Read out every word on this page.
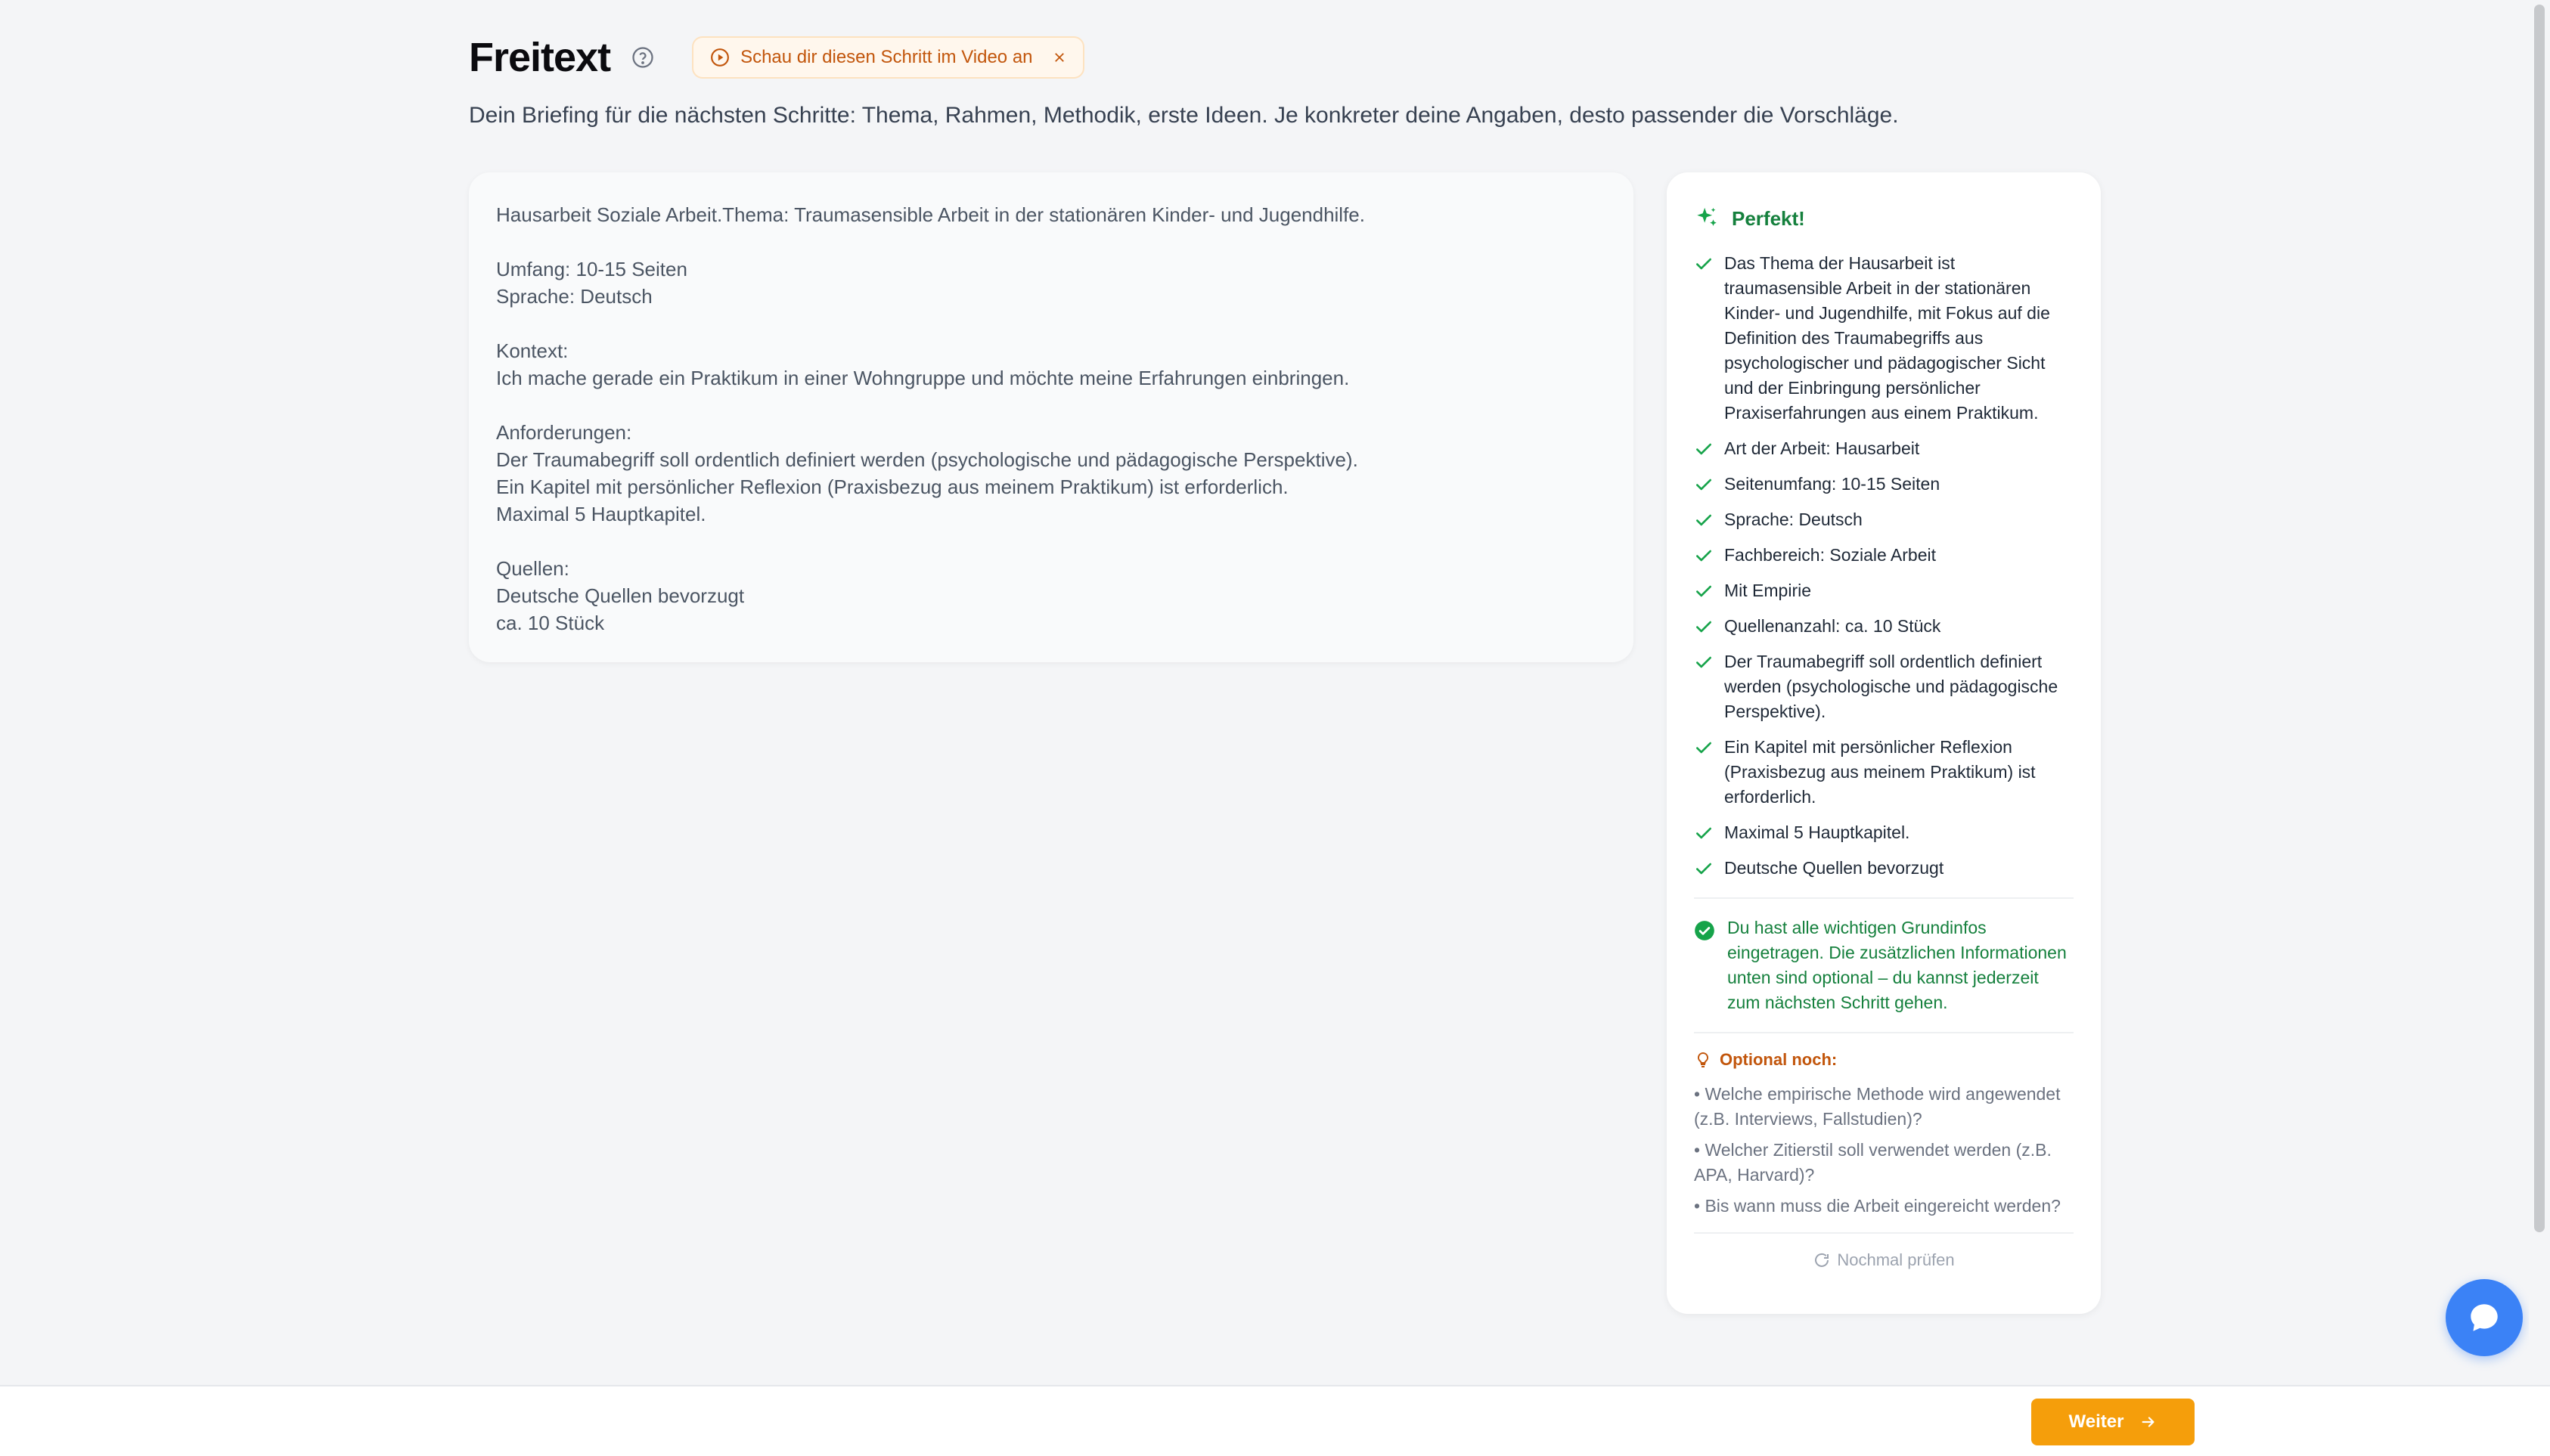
Freitext	Schau dir diesen Schritt im Video an

Dein Briefing für die nächsten Schritte: Thema, Rahmen, Methodik, erste Ideen. Je konkreter deine Angaben, desto passender die Vorschläge.

Hausarbeit Soziale Arbeit.Thema: Traumasensible Arbeit in der stationären Kinder- und Jugendhilfe.
Umfang: 10-15 Seiten
Sprache: Deutsch
Kontext:
Ich mache gerade ein Praktikum in einer Wohngruppe und möchte meine Erfahrungen einbringen.
Anforderungen:
Der Traumabegriff soll ordentlich definiert werden (psychologische und pädagogische Perspektive).
Ein Kapitel mit persönlicher Reflexion (Praxisbezug aus meinem Praktikum) ist erforderlich.
Maximal 5 Hauptkapitel.
Quellen:
Deutsche Quellen bevorzugt
ca. 10 Stück
Perfekt!
Das Thema der Hausarbeit ist traumasensible Arbeit in der stationären Kinder- und Jugendhilfe, mit Fokus auf die Definition des Traumabegriffs aus psychologischer und pädagogischer Sicht und der Einbringung persönlicher Praxiserfahrungen aus einem Praktikum.
Art der Arbeit: Hausarbeit
Seitenumfang: 10-15 Seiten
Sprache: Deutsch
Fachbereich: Soziale Arbeit
Mit Empirie
Quellenanzahl: ca. 10 Stück
Der Traumabegriff soll ordentlich definiert werden (psychologische und pädagogische Perspektive).
Ein Kapitel mit persönlicher Reflexion (Praxisbezug aus meinem Praktikum) ist erforderlich.
Maximal 5 Hauptkapitel.
Deutsche Quellen bevorzugt
Du hast alle wichtigen Grundinfos eingetragen. Die zusätzlichen Informationen unten sind optional – du kannst jederzeit zum nächsten Schritt gehen.
Optional noch:
• Welche empirische Methode wird angewendet (z.B. Interviews, Fallstudien)?
• Welcher Zitierstil soll verwendet werden (z.B. APA, Harvard)?
• Bis wann muss die Arbeit eingereicht werden?
Nochmal prüfen
Weiter
